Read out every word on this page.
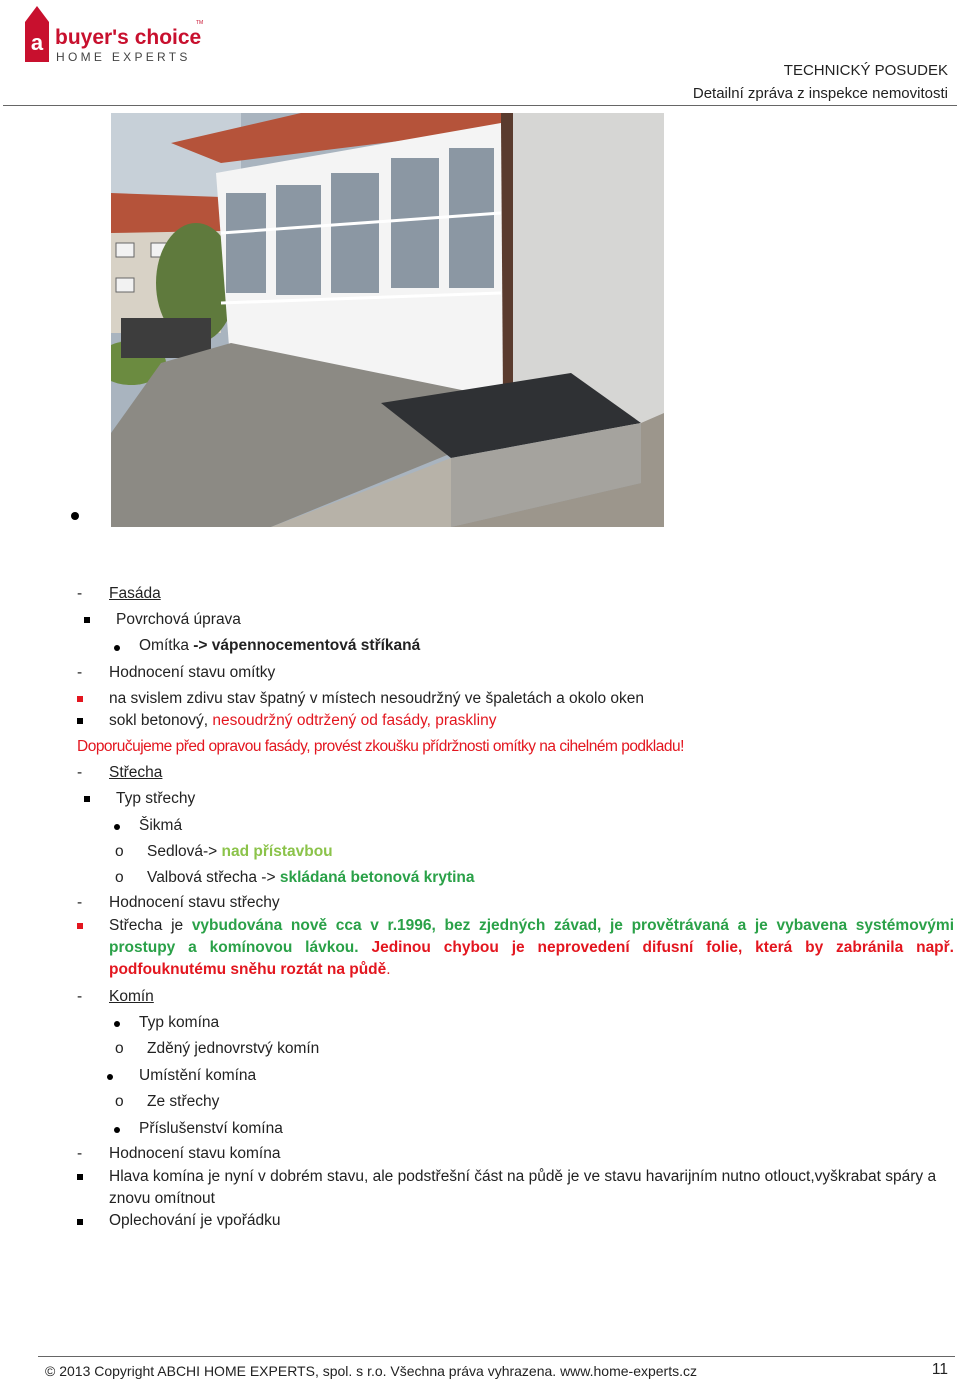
a buyer's choice
TM
HOME EXPERTS
TECHNICKÝ POSUDEK
Detailní zpráva z inspekce nemovitosti
- Fasáda
Povrchová úprava
Omítka -> vápennocementová stříkaná
- Hodnocení stavu omítky
na svislem zdivu stav špatný v místech nesoudržný ve špaletách a okolo oken
sokl betonový, nesoudržný odtržený od fasády, praskliny
Doporučujeme před opravou fasády, provést zkoušku přídržnosti omítky na cihelném podkladu!
- Střecha
Typ střechy
Šikmá
o Sedlová-> nad přístavbou
o Valbová střecha -> skládaná betonová krytina
- Hodnocení stavu střechy
Střecha je vybudována nově cca v r.1996, bez zjedných závad, je provětrávaná a je vybavena systémovými prostupy a komínovou lávkou. Jedinou chybou je neprovedení difusní folie, která by zabránila např. podfouknutému sněhu roztát na půdě.
- Komín
Typ komína
o Zděný jednovrstvý komín
Umístění komína
o Ze střechy
Příslušenství komína
- Hodnocení stavu komína
Hlava komína je nyní v dobrém stavu, ale podstřešní část na půdě je ve stavu havarijním nutno otlouct,vyškrabat spáry a znovu omítnout
Oplechování je vpořádku
© 2013 Copyright ABCHI HOME EXPERTS, spol. s r.o. Všechna práva vyhrazena. www.home-experts.cz	11
